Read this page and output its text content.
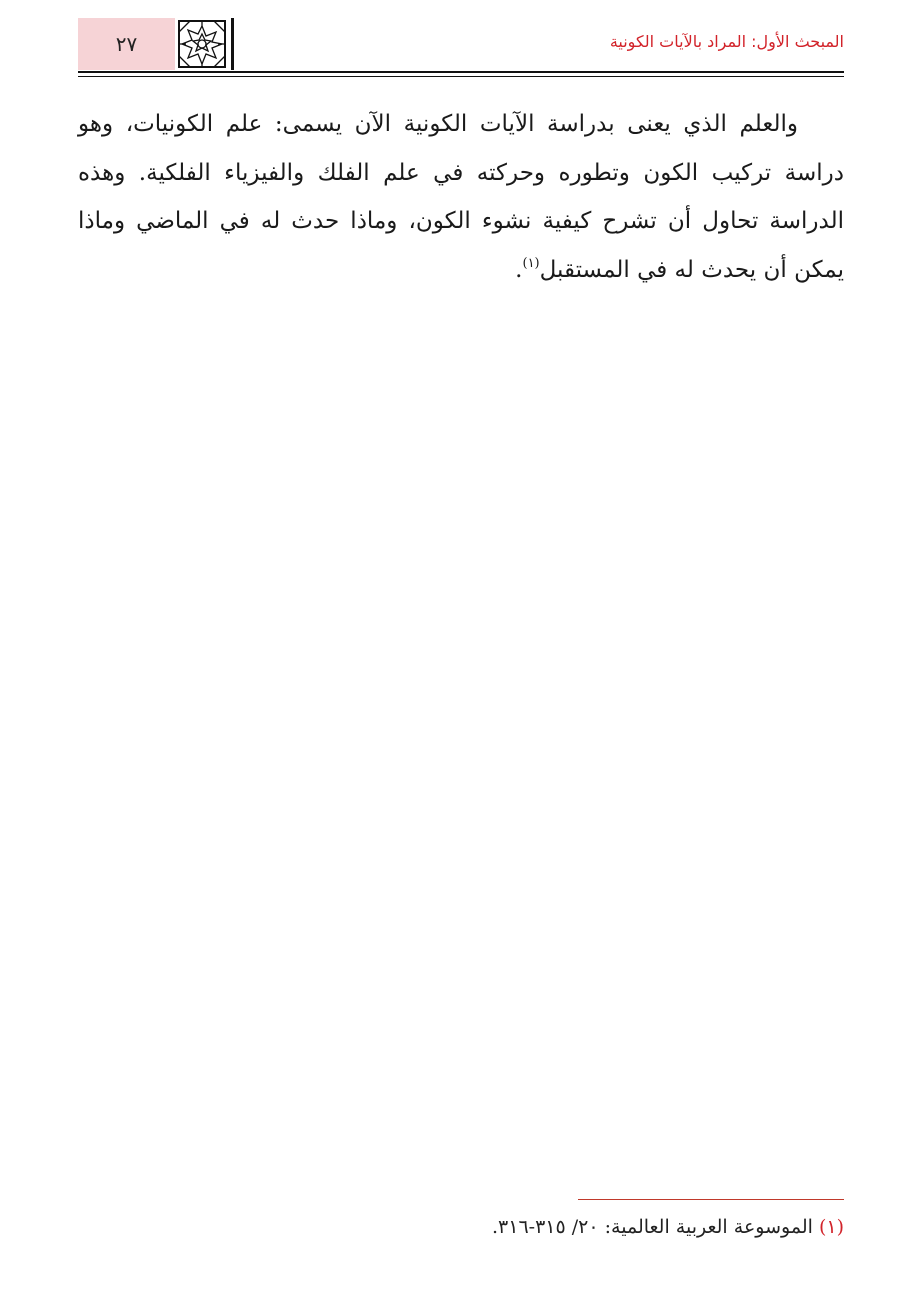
٢٧	المبحث الأول: المراد بالآيات الكونية

والعلم الذي يعنى بدراسة الآيات الكونية الآن يسمى: علم الكونيات، وهو دراسة تركيب الكون وتطوره وحركته في علم الفلك والفيزياء الفلكية. وهذه الدراسة تحاول أن تشرح كيفية نشوء الكون، وماذا حدث له في الماضي وماذا يمكن أن يحدث له في المستقبل$^{(١)}$.

(١) الموسوعة العربية العالمية: ٢٠/ ٣١٥-٣١٦.
